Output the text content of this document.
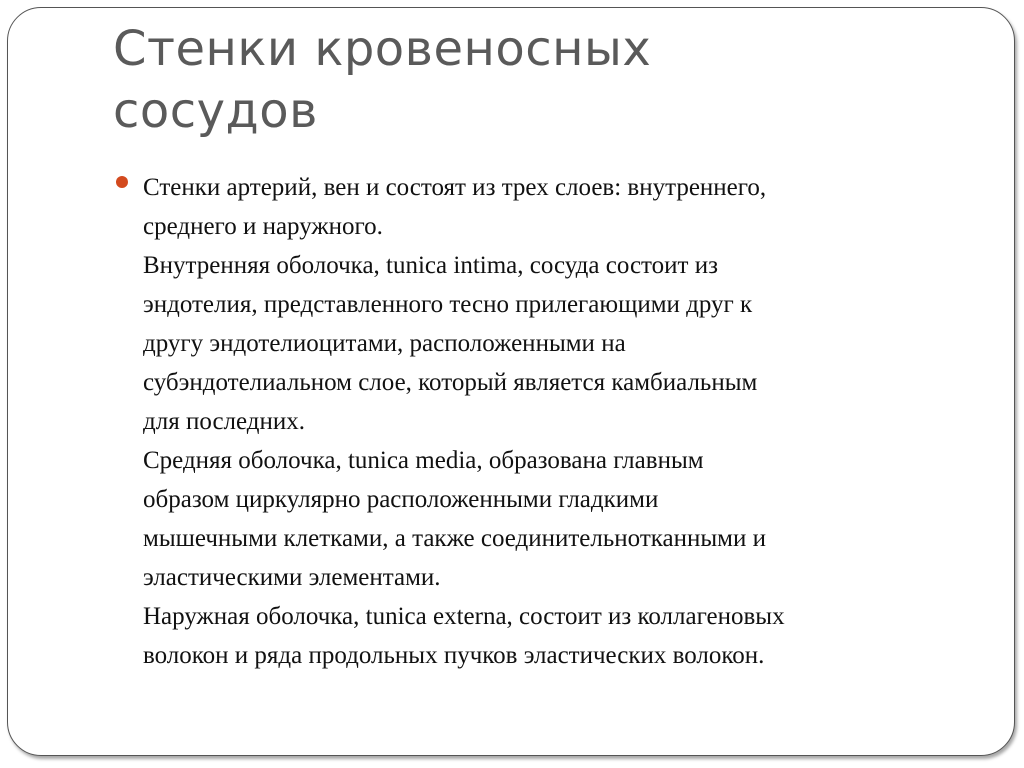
Стенки кровеносных
сосудов
Стенки артерий, вен и состоят из трех слоев: внутреннего,
среднего и наружного.
Внутренняя оболочка, tunica intima, сосуда состоит из
эндотелия, представленного тесно прилегающими друг к
другу эндотелиоцитами, расположенными на
субэндотелиальном слое, который является камбиальным
для последних.
Средняя оболочка, tunica media, образована главным
образом циркулярно расположенными гладкими
мышечными клетками, а также соединительнотканными и
эластическими элементами.
Наружная оболочка, tunica externa, состоит из коллагеновых
волокон и ряда продольных пучков эластических волокон.
